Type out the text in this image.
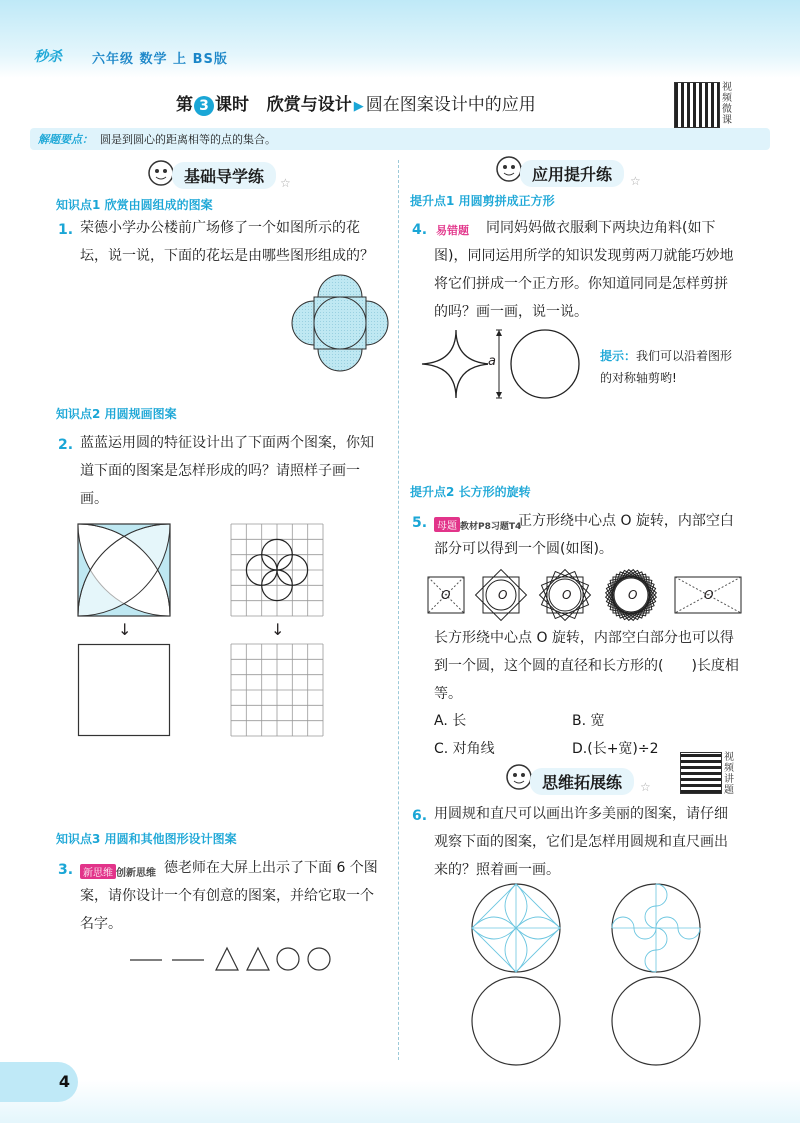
秒杀 六年级 数学 上 BS版
第 3 课时 欣赏与设计 ▶ 圆在图案设计中的应用
视频微课
解题要点： 圆是到圆心的距离相等的点的集合。
基础导学练	☆
知识点1 欣赏由圆组成的图案
1. 荣德小学办公楼前广场修了一个如图所示的花坛，说一说，下面的花坛是由哪些图形组成的？
知识点2 用圆规画图案
2. 蓝蓝运用圆的特征设计出了下面两个图案，你知道下面的图案是怎样形成的吗？请照样子画一画。
↓	↓
知识点3 用圆和其他图形设计图案
3. 新思维 创新思维 德老师在大屏上出示了下面 6 个图案，请你设计一个有创意的图案，并给它取一个名字。
应用提升练	☆
提升点1 用圆剪拼成正方形
4. 易错题	同同妈妈做衣服剩下两块边角料(如下图)，同同运用所学的知识发现剪两刀就能巧妙地将它们拼成一个正方形。你知道同同是怎样剪拼的吗？画一画，说一说。
a	提示：我们可以沿着图形的对称轴剪哟!
提升点2 长方形的旋转
5. 母题 教材P8习题T4
正方形绕中心点 O 旋转，内部空白部分可以得到一个圆(如图)。
O	O	O	O	O
长方形绕中心点 O 旋转，内部空白部分也可以得到一个圆，这个圆的直径和长方形的(　　)长度相等。
A. 长	B. 宽
C. 对角线	D.(长+宽)÷2
视频讲题
思维拓展练	☆
6. 用圆规和直尺可以画出许多美丽的图案，请仔细观察下面的图案，它们是怎样用圆规和直尺画出来的？照着画一画。
4
